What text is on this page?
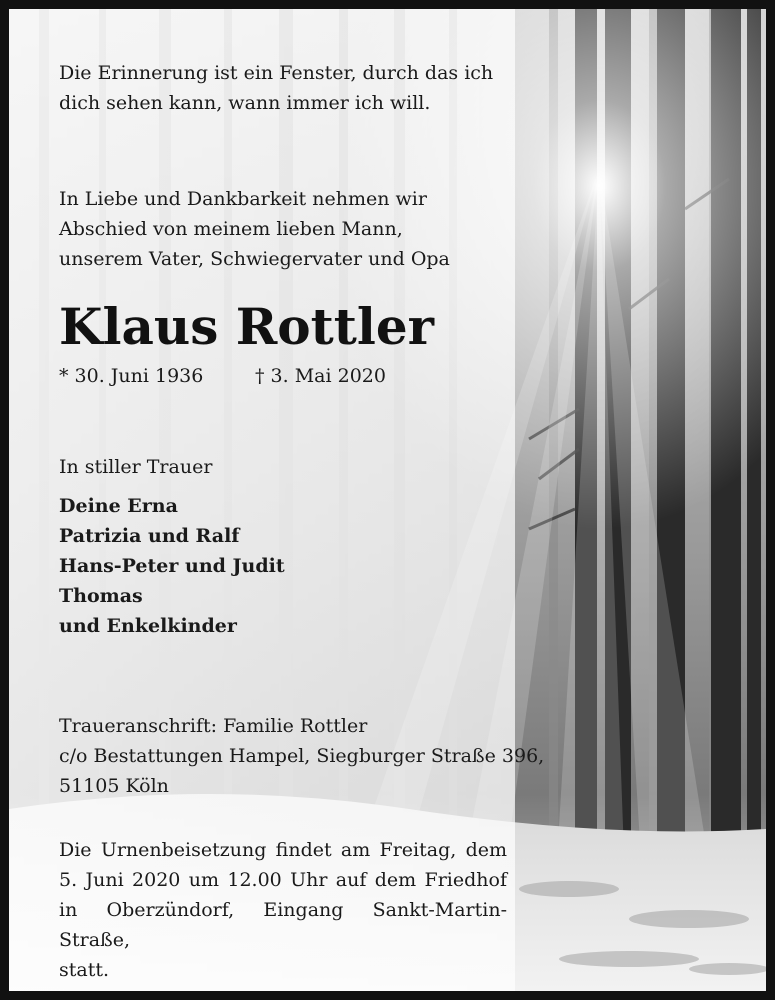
Die Erinnerung ist ein Fenster, durch das ich
dich sehen kann, wann immer ich will.

In Liebe und Dankbarkeit nehmen wir
Abschied von meinem lieben Mann,
unserem Vater, Schwiegervater und Opa

Klaus Rottler
* 30. Juni 1936	† 3. Mai 2020

In stiller Trauer

Deine Erna
Patrizia und Ralf
Hans-Peter und Judit
Thomas
und Enkelkinder

Traueranschrift: Familie Rottler
c/o Bestattungen Hampel, Siegburger Straße 396,
51105 Köln

Die Urnenbeisetzung findet am Freitag, dem
5. Juni 2020 um 12.00 Uhr auf dem Friedhof
in Oberzündorf, Eingang Sankt-Martin-Straße,
statt.
